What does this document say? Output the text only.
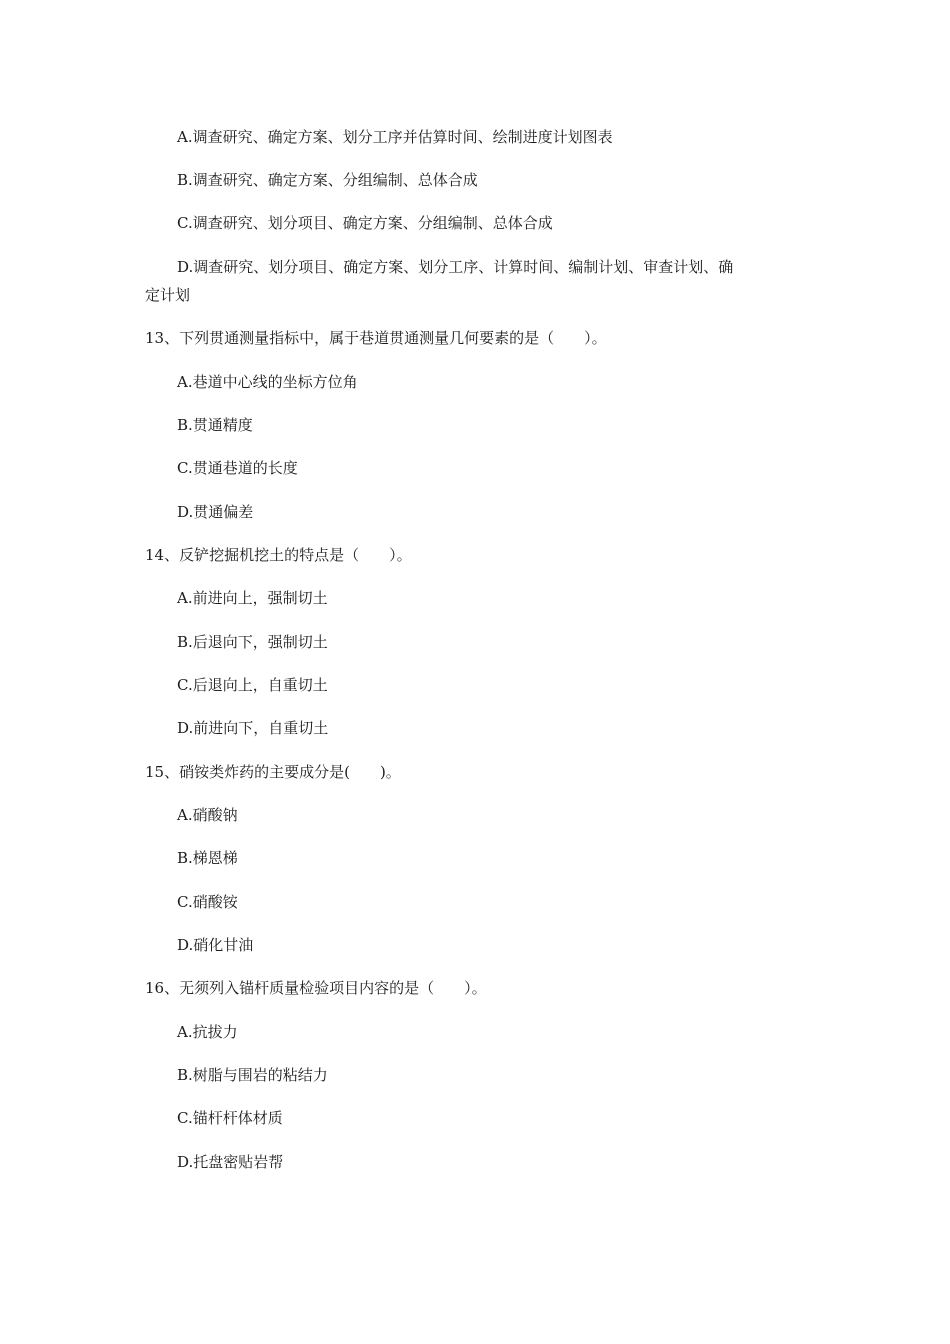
A.调查研究、确定方案、划分工序并估算时间、绘制进度计划图表
B.调查研究、确定方案、分组编制、总体合成
C.调查研究、划分项目、确定方案、分组编制、总体合成
D.调查研究、划分项目、确定方案、划分工序、计算时间、编制计划、审查计划、确
定计划
13、下列贯通测量指标中，属于巷道贯通测量几何要素的是（　　）。
A.巷道中心线的坐标方位角
B.贯通精度
C.贯通巷道的长度
D.贯通偏差
14、反铲挖掘机挖土的特点是（　　）。
A.前进向上，强制切土
B.后退向下，强制切土
C.后退向上，自重切土
D.前进向下，自重切土
15、硝铵类炸药的主要成分是(　　)。
A.硝酸钠
B.梯恩梯
C.硝酸铵
D.硝化甘油
16、无须列入锚杆质量检验项目内容的是（　　）。
A.抗拔力
B.树脂与围岩的粘结力
C.锚杆杆体材质
D.托盘密贴岩帮
